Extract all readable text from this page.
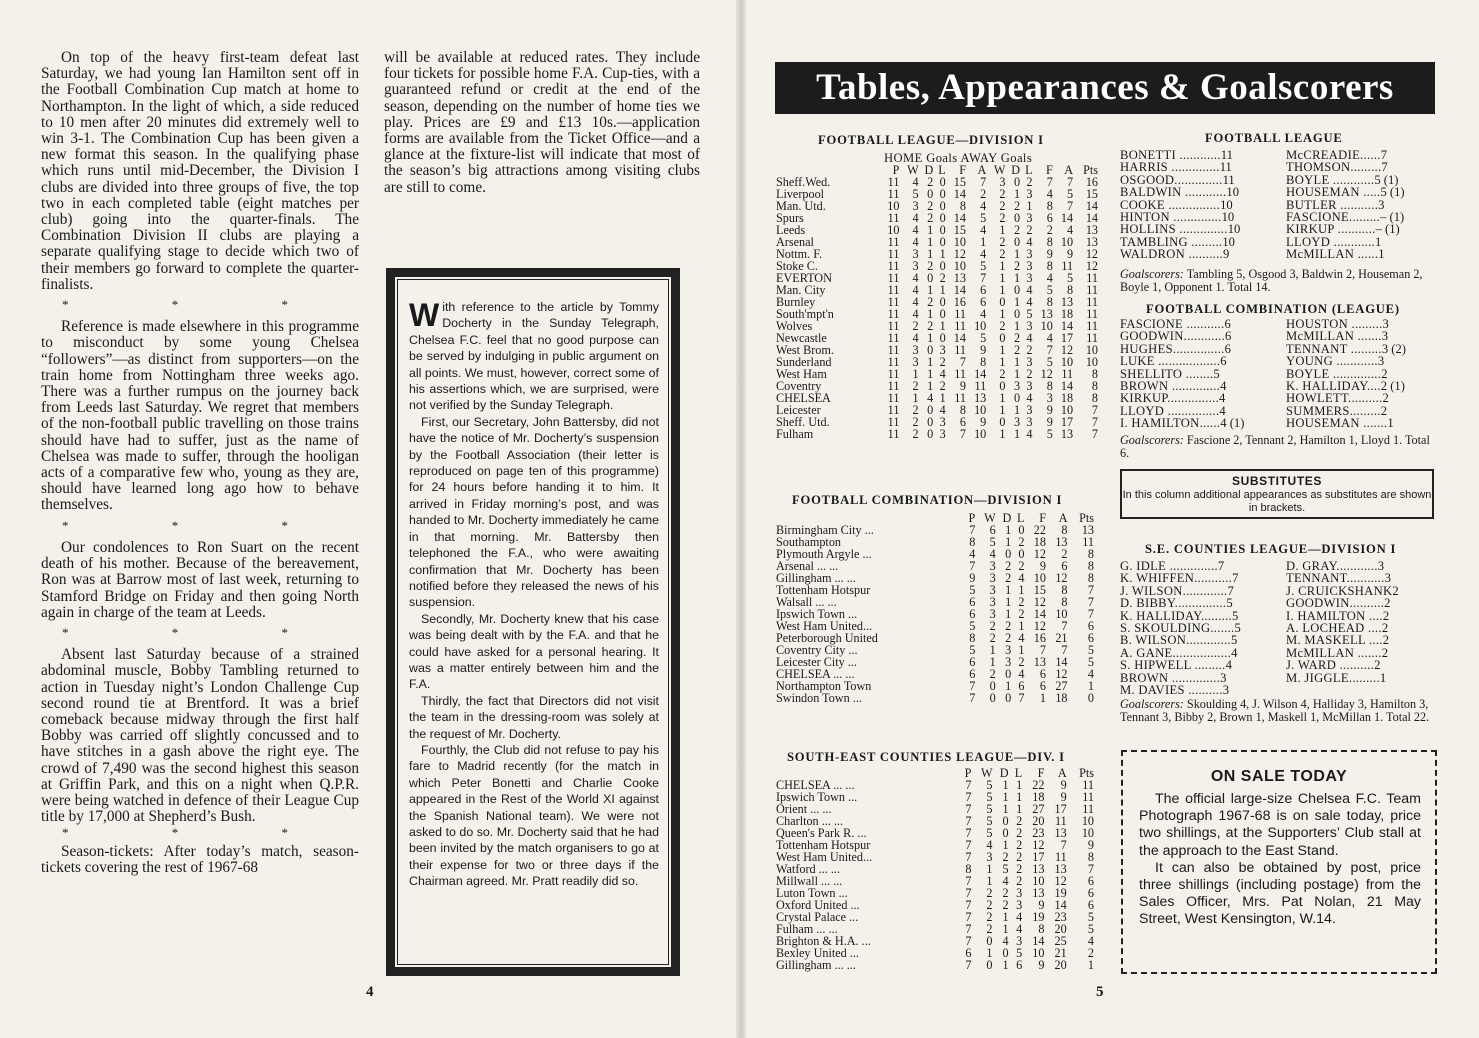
On top of the heavy first-team defeat last Saturday, we had young Ian Hamilton sent off in the Football Combination Cup match at home to Northampton. In the light of which, a side reduced to 10 men after 20 minutes did extremely well to win 3-1. The Combination Cup has been given a new format this season. In the qualifying phase which runs until mid-December, the Division I clubs are divided into three groups of five, the top two in each completed table (eight matches per club) going into the quarter-finals. The Combination Division II clubs are playing a separate qualifying stage to decide which two of their members go forward to complete the quarter-finalists.

* * *

Reference is made elsewhere in this programme to misconduct by some young Chelsea “followers”—as distinct from supporters—on the train home from Nottingham three weeks ago. There was a further rumpus on the journey back from Leeds last Saturday. We regret that members of the non-football public travelling on those trains should have had to suffer, just as the name of Chelsea was made to suffer, through the hooligan acts of a comparative few who, young as they are, should have learned long ago how to behave themselves.

* * *

Our condolences to Ron Suart on the recent death of his mother. Because of the bereavement, Ron was at Barrow most of last week, returning to Stamford Bridge on Friday and then going North again in charge of the team at Leeds.

* * *

Absent last Saturday because of a strained abdominal muscle, Bobby Tambling returned to action in Tuesday night’s London Challenge Cup second round tie at Brentford. It was a brief comeback because midway through the first half Bobby was carried off slightly concussed and to have stitches in a gash above the right eye. The crowd of 7,490 was the second highest this season at Griffin Park, and this on a night when Q.P.R. were being watched in defence of their League Cup title by 17,000 at Shepherd’s Bush.

* * *

Season-tickets: After today’s match, season-tickets covering the rest of 1967-68

will be available at reduced rates. They include four tickets for possible home F.A. Cup-ties, with a guaranteed refund or credit at the end of the season, depending on the number of home ties we play. Prices are £9 and £13 10s.—application forms are available from the Ticket Office—and a glance at the fixture-list will indicate that most of the season’s big attractions among visiting clubs are still to come.

With reference to the article by Tommy Docherty in the Sunday Telegraph, Chelsea F.C. feel that no good purpose can be served by indulging in public argument on all points. We must, however, correct some of his assertions which, we are surprised, were not verified by the Sunday Telegraph.

First, our Secretary, John Battersby, did not have the notice of Mr. Docherty’s suspension by the Football Association (their letter is reproduced on page ten of this programme) for 24 hours before handing it to him. It arrived in Friday morning’s post, and was handed to Mr. Docherty immediately he came in that morning. Mr. Battersby then telephoned the F.A., who were awaiting confirmation that Mr. Docherty has been notified before they released the news of his suspension.

Secondly, Mr. Docherty knew that his case was being dealt with by the F.A. and that he could have asked for a personal hearing. It was a matter entirely between him and the F.A.

Thirdly, the fact that Directors did not visit the team in the dressing-room was solely at the request of Mr. Docherty.

Fourthly, the Club did not refuse to pay his fare to Madrid recently (for the match in which Peter Bonetti and Charlie Cooke appeared in the Rest of the World XI against the Spanish National team). We were not asked to do so. Mr. Docherty said that he had been invited by the match organisers to go at their expense for two or three days if the Chairman agreed. Mr. Pratt readily did so.

4
Tables, Appearances & Goalscorers
FOOTBALL LEAGUE—DIVISION I
HOME Goals AWAY Goals
	P	W	D	L	F	A	W	D	L	F	A	Pts
Sheff.Wed.	11	4	2	0	15	7	3	0	2	7	7	16
Liverpool	11	5	0	0	14	2	2	1	3	4	5	15
Man. Utd.	10	3	2	0	8	4	2	2	1	8	7	14
Spurs	11	4	2	0	14	5	2	0	3	6	14	14
Leeds	10	4	1	0	15	4	1	2	2	2	4	13
Arsenal	11	4	1	0	10	1	2	0	4	8	10	13
Nottm. F.	11	3	1	1	12	4	2	1	3	9	9	12
Stoke C.	11	3	2	0	10	5	1	2	3	8	11	12
EVERTON	11	4	0	2	13	7	1	1	3	4	5	11
Man. City	11	4	1	1	14	6	1	0	4	5	8	11
Burnley	11	4	2	0	16	6	0	1	4	8	13	11
South'mpt'n	11	4	1	0	11	4	1	0	5	13	18	11
Wolves	11	2	2	1	11	10	2	1	3	10	14	11
Newcastle	11	4	1	0	14	5	0	2	4	4	17	11
West Brom.	11	3	0	3	11	9	1	2	2	7	12	10
Sunderland	11	3	1	2	7	8	1	1	3	5	10	10
West Ham	11	1	1	4	11	14	2	1	2	12	11	8
Coventry	11	2	1	2	9	11	0	3	3	8	14	8
CHELSEA	11	1	4	1	11	13	1	0	4	3	18	8
Leicester	11	2	0	4	8	10	1	1	3	9	10	7
Sheff. Utd.	11	2	0	3	6	9	0	3	3	9	17	7
Fulham	11	2	0	3	7	10	1	1	4	5	13	7
FOOTBALL COMBINATION—DIVISION I
	P	W	D	L	F	A	Pts
Birmingham City ...	7	6	1	0	22	8	13
Southampton	8	5	1	2	18	13	11
Plymouth Argyle ...	4	4	0	0	12	2	8
Arsenal ... ...	7	3	2	2	9	6	8
Gillingham ... ...	9	3	2	4	10	12	8
Tottenham Hotspur	5	3	1	1	15	8	7
Walsall ... ...	6	3	1	2	12	8	7
Ipswich Town ...	6	3	1	2	14	10	7
West Ham United...	5	2	2	1	12	7	6
Peterborough United	8	2	2	4	16	21	6
Coventry City ...	5	1	3	1	7	7	5
Leicester City ...	6	1	3	2	13	14	5
CHELSEA ... ...	6	2	0	4	6	12	4
Northampton Town	7	0	1	6	6	27	1
Swindon Town ...	7	0	0	7	1	18	0
SOUTH-EAST COUNTIES LEAGUE—DIV. I
	P	W	D	L	F	A	Pts
CHELSEA ... ...	7	5	1	1	22	9	11
Ipswich Town ...	7	5	1	1	18	9	11
Orient ... ...	7	5	1	1	27	17	11
Charlton ... ...	7	5	0	2	20	11	10
Queen's Park R. ...	7	5	0	2	23	13	10
Tottenham Hotspur	7	4	1	2	12	7	9
West Ham United...	7	3	2	2	17	11	8
Watford ... ...	8	1	5	2	13	13	7
Millwall ... ...	7	1	4	2	10	12	6
Luton Town ...	7	2	2	3	13	19	6
Oxford United ...	7	2	2	3	9	14	6
Crystal Palace ...	7	2	1	4	19	23	5
Fulham ... ...	7	2	1	4	8	20	5
Brighton & H.A. ...	7	0	4	3	14	25	4
Bexley United ...	6	1	0	5	10	21	2
Gillingham ... ...	7	0	1	6	9	20	1
FOOTBALL LEAGUE
BONETTI ............11	McCREADIE......7
HARRIS ..............11	THOMSON.........7
OSGOOD..............11	BOYLE ............5 (1)
BALDWIN ............10	HOUSEMAN .....5 (1)
COOKE ...............10	BUTLER ...........3
HINTON ..............10	FASCIONE.........– (1)
HOLLINS ..............10	KIRKUP ...........– (1)
TAMBLING .........10	LLOYD ............1
WALDRON ..........9	McMILLAN ......1
Goalscorers: Tambling 5, Osgood 3, Baldwin 2, Houseman 2, Boyle 1, Opponent 1. Total 14.
FOOTBALL COMBINATION (LEAGUE)
FASCIONE ...........6	HOUSTON .........3
GOODWIN............6	McMILLAN .......3
HUGHES...............6	TENNANT .........3 (2)
LUKE ..................6	YOUNG ............3
SHELLITO ........5	BOYLE ..............2
BROWN ..............4	K. HALLIDAY....2 (1)
KIRKUP...............4	HOWLETT..........2
LLOYD ...............4	SUMMERS.........2
I. HAMILTON......4 (1)	HOUSEMAN .......1
Goalscorers: Fascione 2, Tennant 2, Hamilton 1, Lloyd 1. Total 6.
SUBSTITUTES
In this column additional appearances as substitutes are shown in brackets.
S.E. COUNTIES LEAGUE—DIVISION I
G. IDLE ..............7	D. GRAY............3
K. WHIFFEN...........7	TENNANT...........3
J. WILSON.............7	J. CRUICKSHANK2
D. BIBBY...............5	GOODWIN..........2
K. HALLIDAY.........5	I. HAMILTON ....2
S. SKOULDING.......5	A. LOCHEAD ....2
B. WILSON.............5	M. MASKELL ....2
A. GANE.................4	McMILLAN .......2
S. HIPWELL .........4	J. WARD ..........2
BROWN ..............3	M. JIGGLE.........1
M. DAVIES ..........3
Goalscorers: Skoulding 4, J. Wilson 4, Halliday 3, Hamilton 3, Tennant 3, Bibby 2, Brown 1, Maskell 1, McMillan 1. Total 22.
ON SALE TODAY

The official large-size Chelsea F.C. Team Photograph 1967-68 is on sale today, price two shillings, at the Supporters’ Club stall at the approach to the East Stand.

It can also be obtained by post, price three shillings (including postage) from the Sales Officer, Mrs. Pat Nolan, 21 May Street, West Kensington, W.14.

5
